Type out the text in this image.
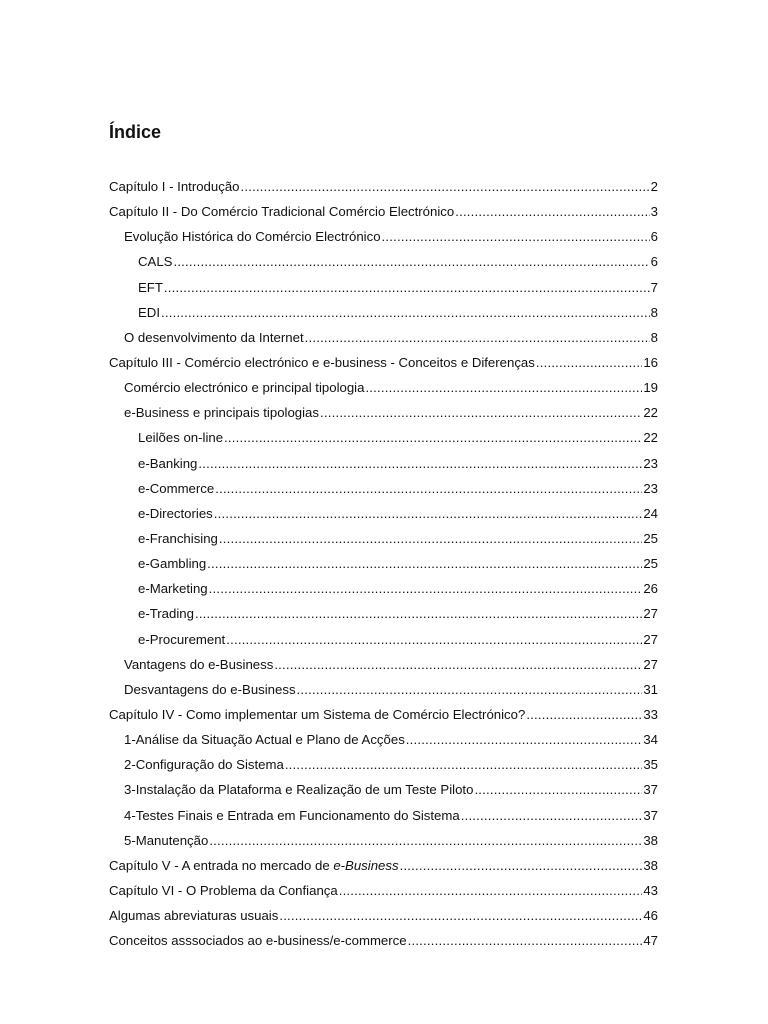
Índice
Capítulo I - Introdução .....	2
Capítulo II - Do Comércio Tradicional Comércio Electrónico .....	3
Evolução Histórica do Comércio Electrónico .....	6
CALS .....	6
EFT .....	7
EDI .....	8
O desenvolvimento da Internet .....	8
Capítulo III - Comércio electrónico e e-business - Conceitos e Diferenças .....	16
Comércio electrónico e principal tipologia .....	19
e-Business e principais tipologias .....	22
Leilões on-line .....	22
e-Banking .....	23
e-Commerce .....	23
e-Directories .....	24
e-Franchising .....	25
e-Gambling .....	25
e-Marketing .....	26
e-Trading .....	27
e-Procurement .....	27
Vantagens do e-Business .....	27
Desvantagens do e-Business .....	31
Capítulo IV - Como implementar um Sistema de Comércio Electrónico? .....	33
1-Análise da Situação Actual e Plano de Acções .....	34
2-Configuração do Sistema .....	35
3-Instalação da Plataforma e Realização de um Teste Piloto .....	37
4-Testes Finais e Entrada em Funcionamento do Sistema .....	37
5-Manutenção .....	38
Capítulo V - A entrada no mercado de e-Business .....	38
Capítulo VI - O Problema da Confiança .....	43
Algumas abreviaturas usuais .....	46
Conceitos asssociados ao e-business/e-commerce .....	47
